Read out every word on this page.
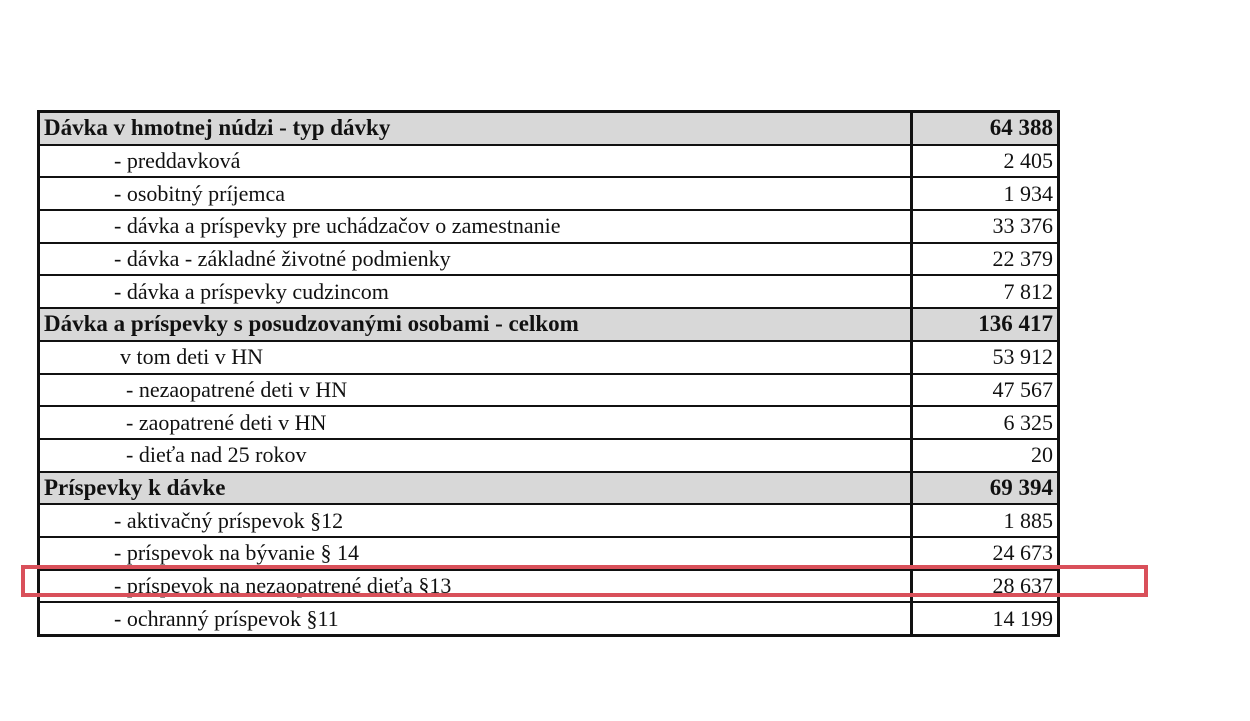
Dávka v hmotnej núdzi - typ dávky	64 388
- preddavková	2 405
- osobitný príjemca	1 934
- dávka a príspevky pre uchádzačov o zamestnanie	33 376
- dávka - základné životné podmienky	22 379
- dávka a príspevky cudzincom	7 812
Dávka a príspevky s posudzovanými osobami - celkom	136 417
v tom deti v HN	53 912
- nezaopatrené deti v HN	47 567
- zaopatrené deti v HN	6 325
- dieťa nad 25 rokov	20
Príspevky k dávke	69 394
- aktivačný príspevok §12	1 885
- príspevok na bývanie § 14	24 673
- príspevok na nezaopatrené dieťa §13	28 637
- ochranný príspevok §11	14 199
